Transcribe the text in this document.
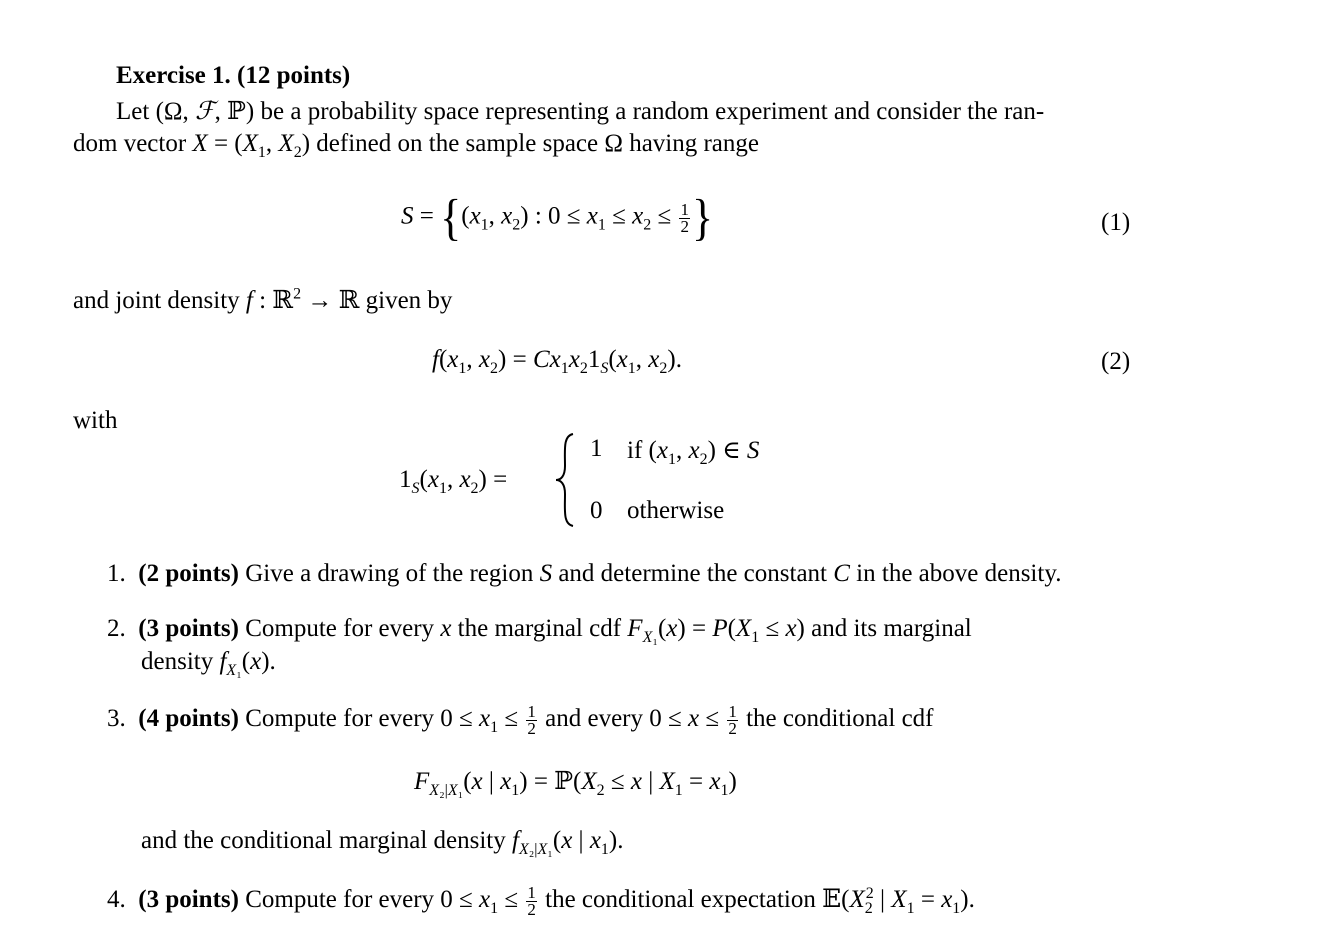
Exercise 1. (12 points)
Let (Ω, ℱ, ℙ) be a probability space representing a random experiment and consider the ran-
dom vector $X = (X_1$, $X_2$) defined on the sample space Ω having range
$S = \{(x_1$, $x_2$) : $0 \le x_1 \le x_2 \le \frac{1}{2}$ }	(1)
and joint density f : ℝ$^2$ → ℝ given by
$f(x_1$, $x_2) = Cx_1x_21_S(x_1$, $x_2$).	(2)
with
$1_S(x_1$, $x_2$) =
1 if ($x_1$, $x_2$) ∈ S
0 otherwise
1. (2 points) Give a drawing of the region S and determine the constant C in the above density.
2. (3 points) Compute for every x the marginal cdf $F_{X_1}(x) = P(X_1 \le x)$ and its marginal
density $f_{X_1}(x)$.
3. (4 points) Compute for every $0 \le x_1 \le \frac{1}{2}$ and every $0 \le x \le \frac{1}{2}$ the conditional cdf
$F_{X_2|X_1}(x$ | $x_1$) = $ℙ(X_2 \le x$ | $X_1 = x_1$)
and the conditional marginal density $f_{X_2|X_1}(x$ | $x_1$).
4. (3 points) Compute for every $0 \le x_1 \le \frac{1}{2}$ the conditional expectation $𝔼(X_2^2$ | $X_1 = x_1$).
